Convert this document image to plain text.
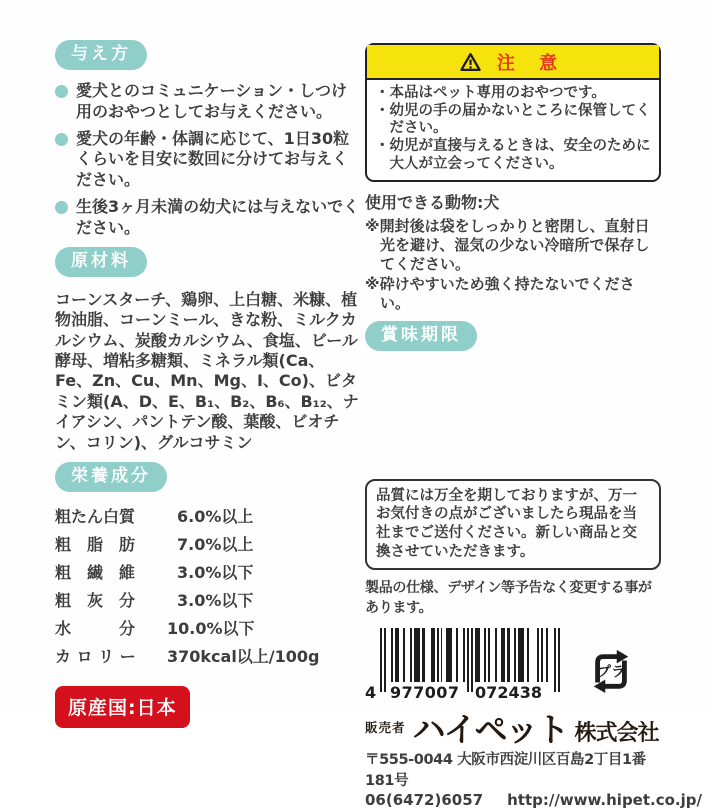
与え方
愛犬とのコミュニケーション・しつけ用のおやつとしてお与えください。
愛犬の年齢・体調に応じて、1日30粒くらいを目安に数回に分けてお与えください。
生後3ヶ月未満の幼犬には与えないでください。
原材料

コーンスターチ、鶏卵、上白糖、米糠、植物油脂、コーンミール、きな粉、ミルクカルシウム、炭酸カルシウム、食塩、ビール酵母、増粘多糖類、ミネラル類(Ca、Fe、Zn、Cu、Mn、Mg、I、Co)、ビタミン類(A、D、E、B₁、B₂、B₆、B₁₂、ナイアシン、パントテン酸、葉酸、ビオチン、コリン)、グルコサミン

栄養成分
粗たん白質	6.0%以上
粗　脂　肪	7.0%以上
粗　繊　維	3.0%以下
粗　灰　分	3.0%以下
水　　　分	10.0%以下
カ ロ リ ー	370kcal以上/100g
原産国:日本
注 意
・本品はペット専用のおやつです。
・幼児の手の届かないところに保管してください。
・幼児が直接与えるときは、安全のために大人が立会ってください。
使用できる動物:犬
※開封後は袋をしっかりと密閉し、直射日光を避け、湿気の少ない冷暗所で保存してください。
※砕けやすいため強く持たないでください。
賞味期限
品質には万全を期しておりますが、万一お気付きの点がございましたら現品を当社までご送付ください。新しい商品と交換させていただきます。
製品の仕様、デザイン等予告なく変更する事があります。
4 9 7 7 0 0 7 0 7 2 4 3 8
プラ
販売者 ハイペット 株式会社
〒555-0044 大阪市西淀川区百島2丁目1番181号
06(6472)6057 http://www.hipet.co.jp/
